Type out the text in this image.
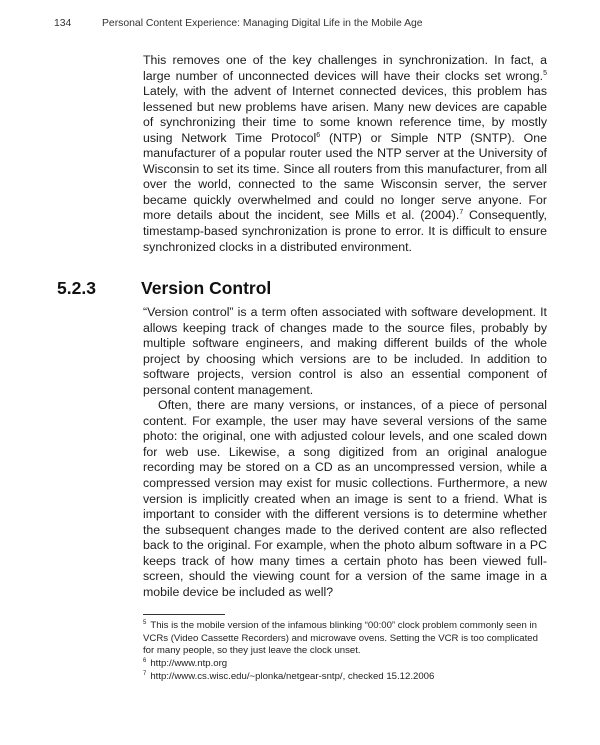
134	Personal Content Experience: Managing Digital Life in the Mobile Age

This removes one of the key challenges in synchronization. In fact, a large number of unconnected devices will have their clocks set wrong.$^5$ Lately, with the advent of Internet connected devices, this problem has lessened but new problems have arisen. Many new devices are capable of synchronizing their time to some known reference time, by mostly using Network Time Protocol$^6$ (NTP) or Simple NTP (SNTP). One manufacturer of a popular router used the NTP server at the University of Wisconsin to set its time. Since all routers from this manufacturer, from all over the world, connected to the same Wisconsin server, the server became quickly overwhelmed and could no longer serve anyone. For more details about the incident, see Mills et al. (2004).$^7$ Consequently, timestamp-based synchronization is prone to error. It is difficult to ensure synchronized clocks in a distributed environment.

5.2.3	Version Control

“Version control” is a term often associated with software development. It allows keeping track of changes made to the source files, probably by multiple software engineers, and making different builds of the whole project by choosing which versions are to be included. In addition to software projects, version control is also an essential component of personal content management.

Often, there are many versions, or instances, of a piece of personal content. For example, the user may have several versions of the same photo: the original, one with adjusted colour levels, and one scaled down for web use. Likewise, a song digitized from an original analogue recording may be stored on a CD as an uncompressed version, while a compressed version may exist for music collections. Furthermore, a new version is implicitly created when an image is sent to a friend. What is important to consider with the different versions is to determine whether the subsequent changes made to the derived content are also reflected back to the original. For example, when the photo album software in a PC keeps track of how many times a certain photo has been viewed full-screen, should the viewing count for a version of the same image in a mobile device be included as well?

$^5$ This is the mobile version of the infamous blinking “00:00” clock problem commonly seen in VCRs (Video Cassette Recorders) and microwave ovens. Setting the VCR is too complicated for many people, so they just leave the clock unset.

$^6$ http://www.ntp.org

$^7$ http://www.cs.wisc.edu/~plonka/netgear-sntp/, checked 15.12.2006
